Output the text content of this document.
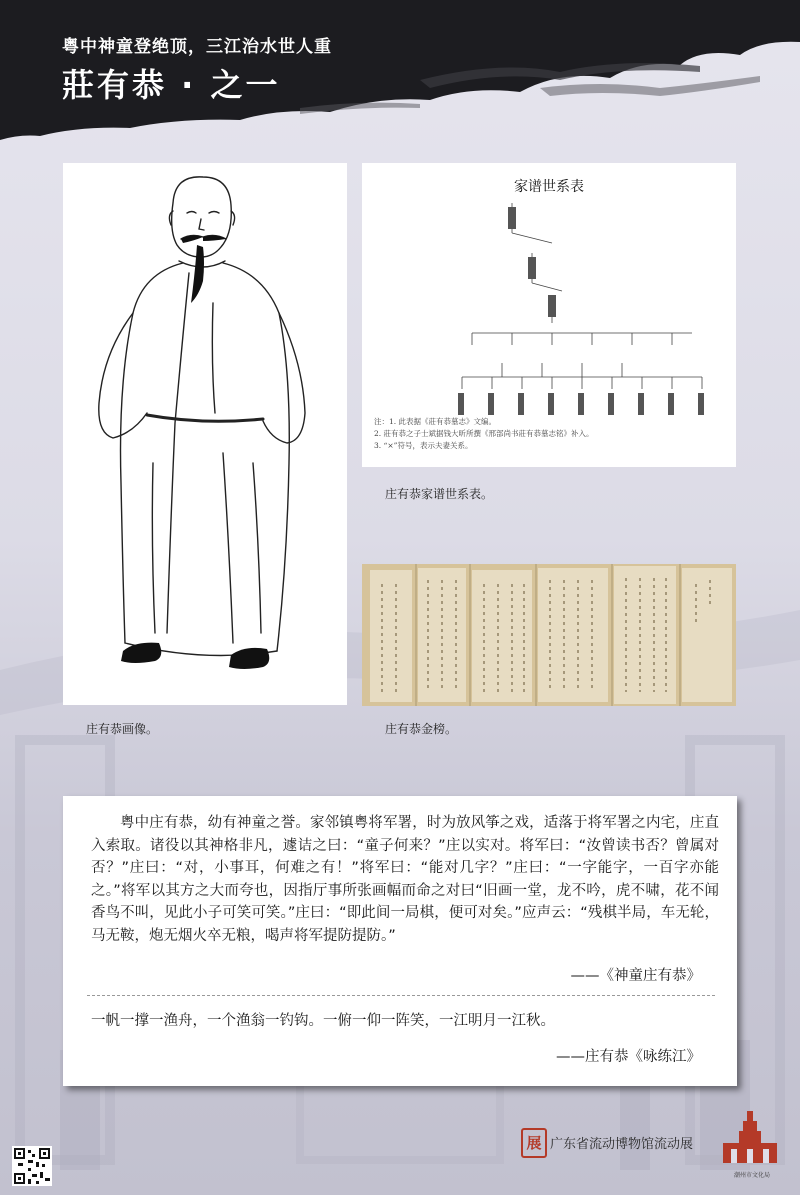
粤中神童登绝顶，三江治水世人重
莊有恭 · 之一
庄有恭画像。
家谱世系表
注：1. 此表据《莊有恭墓志》文编。
2. 莊有恭之子士斌据钱大昕所撰《邢部尚书莊有恭墓志铭》补入。
3. “×”符号，表示夫妻关系。
庄有恭家谱世系表。
庄有恭金榜。
粤中庄有恭，幼有神童之誉。家邻镇粤将军署，时为放风筝之戏，适落于将军署之内宅，庄直入索取。诸役以其神格非凡，遽诘之曰：“童子何来？”庄以实对。将军曰：“汝曾读书否？曾属对否？”庄曰：“对，小事耳，何难之有！”将军曰：“能对几字？”庄曰：“一字能字，一百字亦能之。”将军以其方之大而夸也，因指厅事所张画幅而命之对曰“旧画一堂，龙不吟，虎不啸，花不闻香鸟不叫，见此小子可笑可笑。”庄曰：“即此间一局棋，便可对矣。”应声云：“残棋半局，车无轮，马无鞍，炮无烟火卒无粮，喝声将军提防提防。”
——《神童庄有恭》
一帆一撑一渔舟，一个渔翁一钓钩。一俯一仰一阵笑，一江明月一江秋。
——庄有恭《咏练江》
展 广东省流动博物馆流动展
潮州市文化局
